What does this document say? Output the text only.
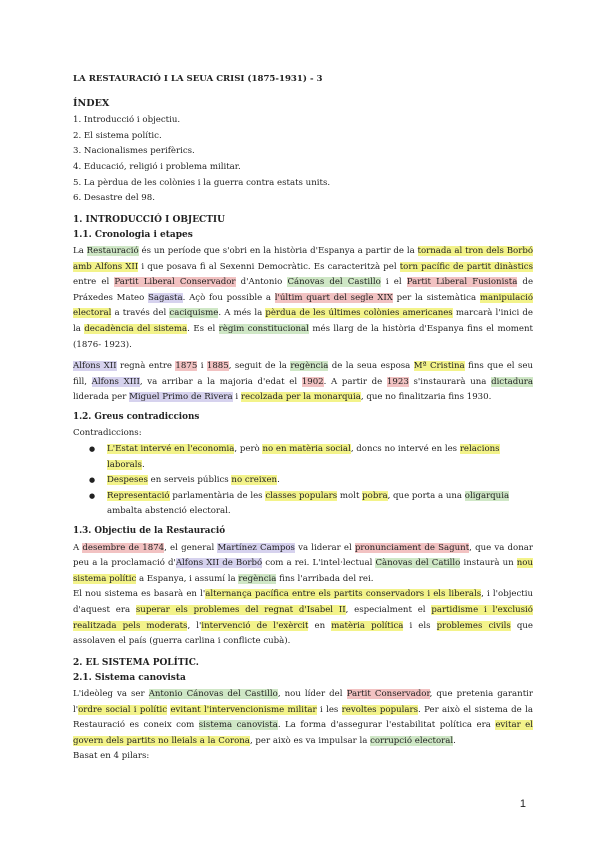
LA RESTAURACIÓ I LA SEUA CRISI (1875-1931) - 3
ÍNDEX
1. Introducció i objectiu.
2. El sistema polític.
3. Nacionalismes perifèrics.
4. Educació, religió i problema militar.
5. La pèrdua de les colònies i la guerra contra estats units.
6. Desastre del 98.
1. INTRODUCCIÓ I OBJECTIU
1.1. Cronologia i etapes

La Restauració és un període que s'obri en la història d'Espanya a partir de la tornada al tron dels Borbó amb Alfons XII i que posava fi al Sexenni Democràtic. Es caracteritzà pel torn pacífic de partit dinàstics entre el Partit Liberal Conservador d'Antonio Cánovas del Castillo i el Partit Liberal Fusionista de Práxedes Mateo Sagasta. Açò fou possible a l'últim quart del segle XIX per la sistemàtica manipulació electoral a través del caciquisme. A més la pèrdua de les últimes colònies americanes marcarà l'inici de la decadència del sistema. Es el règim constitucional més llarg de la història d'Espanya fins el moment (1876- 1923).

Alfons XII regnà entre 1875 i 1885, seguit de la regència de la seua esposa Mª Cristina fins que el seu fill, Alfons XIII, va arribar a la majoria d'edat el 1902. A partir de 1923 s'instaurarà una dictadura liderada per Miguel Primo de Rivera i recolzada per la monarquia, que no finalitzaria fins 1930.

1.2. Greus contradiccions
Contradiccions:
● L'Estat intervé en l'economia, però no en matèria social, doncs no intervé en les relacions laborals.
● Despeses en serveis públics no creixen.
● Representació parlamentària de les classes populars molt pobra, que porta a una oligarquia ambalta abstenció electoral.
1.3. Objectiu de la Restauració

A desembre de 1874, el general Martínez Campos va liderar el pronunciament de Sagunt, que va donar peu a la proclamació d'Alfons XII de Borbó com a rei. L'intel·lectual Cànovas del Catillo instaurà un nou sistema polític a Espanya, i assumí la regència fins l'arribada del rei.

El nou sistema es basarà en l'alternança pacífica entre els partits conservadors i els liberals, i l'objectiu d'aquest era superar els problemes del regnat d'Isabel II, especialment el partidisme i l'exclusió realitzada pels moderats, l'intervenció de l'exèrcit en matèria política i els problemes civils que assolaven el país (guerra carlina i conflicte cubà).

2. EL SISTEMA POLÍTIC.
2.1. Sistema canovista

L'ideòleg va ser Antonio Cánovas del Castillo, nou líder del Partit Conservador, que pretenia garantir l'ordre social i polític evitant l'intervencionisme militar i les revoltes populars. Per això el sistema de la Restauració es coneix com sistema canovista. La forma d'assegurar l'estabilitat política era evitar el govern dels partits no lleials a la Corona, per això es va impulsar la corrupció electoral.

Basat en 4 pilars:
1
